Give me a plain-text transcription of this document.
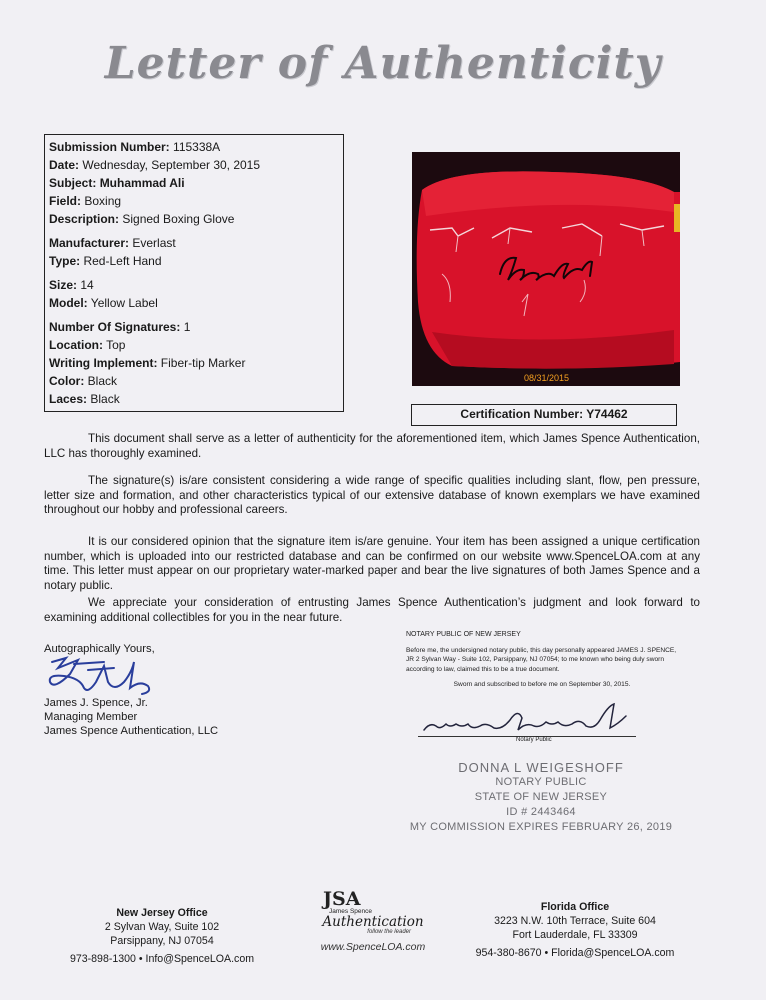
Letter of Authenticity
Submission Number: 115338A
Date: Wednesday, September 30, 2015
Subject: Muhammad Ali
Field: Boxing
Description: Signed Boxing Glove
Manufacturer: Everlast
Type: Red-Left Hand
Size: 14
Model: Yellow Label
Number Of Signatures: 1
Location: Top
Writing Implement: Fiber-tip Marker
Color: Black
Laces: Black
08/31/2015
Certification Number: Y74462

This document shall serve as a letter of authenticity for the aforementioned item, which James Spence Authentication, LLC has thoroughly examined.

The signature(s) is/are consistent considering a wide range of specific qualities including slant, flow, pen pressure, letter size and formation, and other characteristics typical of our extensive database of known exemplars we have examined throughout our hobby and professional careers.

It is our considered opinion that the signature item is/are genuine. Your item has been assigned a unique certification number, which is uploaded into our restricted database and can be confirmed on our website www.SpenceLOA.com at any time. This letter must appear on our proprietary water-marked paper and bear the live signatures of both James Spence and a notary public.

We appreciate your consideration of entrusting James Spence Authentication’s judgment and look forward to examining additional collectibles for you in the near future.

Autographically Yours,
James J. Spence, Jr.
Managing Member
James Spence Authentication, LLC
NOTARY PUBLIC OF NEW JERSEY
Before me, the undersigned notary public, this day personally appeared JAMES J. SPENCE, JR 2 Sylvan Way - Suite 102, Parsippany, NJ 07054; to me known who being duly sworn according to law, claimed this to be a true document.
Sworn and subscribed to before me on September 30, 2015.
Notary Public
DONNA L WEIGESHOFF
NOTARY PUBLIC
STATE OF NEW JERSEY
ID # 2443464
MY COMMISSION EXPIRES FEBRUARY 26, 2019
New Jersey Office
2 Sylvan Way, Suite 102
Parsippany, NJ 07054
973-898-1300 • Info@SpenceLOA.com
JSA
James Spence
Authentication
follow the leader
www.SpenceLOA.com
Florida Office
3223 N.W. 10th Terrace, Suite 604
Fort Lauderdale, FL 33309
954-380-8670 • Florida@SpenceLOA.com
